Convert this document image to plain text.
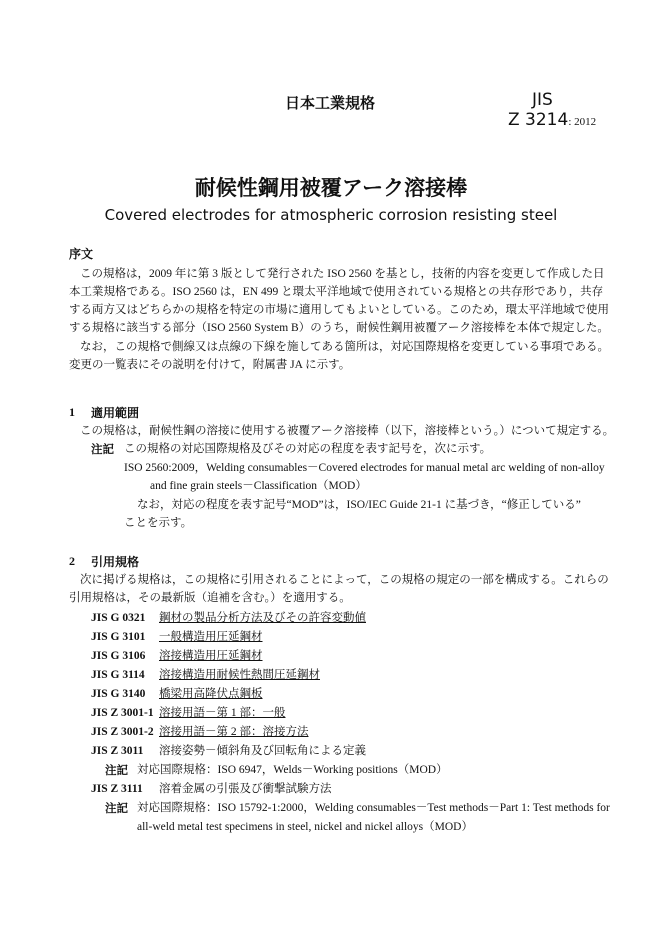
日本工業規格	JIS
Z 3214: 2012
耐候性鋼用被覆アーク溶接棒
Covered electrodes for atmospheric corrosion resisting steel
序文
この規格は，2009 年に第 3 版として発行された ISO 2560 を基とし，技術的内容を変更して作成した日
本工業規格である。ISO 2560 は，EN 499 と環太平洋地域で使用されている規格との共存形であり，共存
する両方又はどちらかの規格を特定の市場に適用してもよいとしている。このため，環太平洋地域で使用
する規格に該当する部分（ISO 2560 System B）のうち，耐候性鋼用被覆アーク溶接棒を本体で規定した。
なお，この規格で側線又は点線の下線を施してある箇所は，対応国際規格を変更している事項である。
変更の一覧表にその説明を付けて，附属書 JA に示す。
1 適用範囲
この規格は，耐候性鋼の溶接に使用する被覆アーク溶接棒（以下，溶接棒という。）について規定する。
注記 この規格の対応国際規格及びその対応の程度を表す記号を，次に示す。
ISO 2560:2009，Welding consumables－Covered electrodes for manual metal arc welding of non-alloy
and fine grain steels－Classification（MOD）
なお，対応の程度を表す記号“MOD”は，ISO/IEC Guide 21-1 に基づき，“修正している”
ことを示す。
2 引用規格
次に掲げる規格は，この規格に引用されることによって，この規格の規定の一部を構成する。これらの
引用規格は，その最新版（追補を含む。）を適用する。
JIS G 0321 鋼材の製品分析方法及びその許容変動値
JIS G 3101 一般構造用圧延鋼材
JIS G 3106 溶接構造用圧延鋼材
JIS G 3114 溶接構造用耐候性熱間圧延鋼材
JIS G 3140 橋梁用高降伏点鋼板
JIS Z 3001-1 溶接用語－第 1 部：一般
JIS Z 3001-2 溶接用語－第 2 部：溶接方法
JIS Z 3011 溶接姿勢－傾斜角及び回転角による定義
注記 対応国際規格：ISO 6947，Welds－Working positions（MOD）
JIS Z 3111 溶着金属の引張及び衝撃試験方法
注記 対応国際規格：ISO 15792-1:2000，Welding consumables－Test methods－Part 1: Test methods for
all-weld metal test specimens in steel, nickel and nickel alloys（MOD）
